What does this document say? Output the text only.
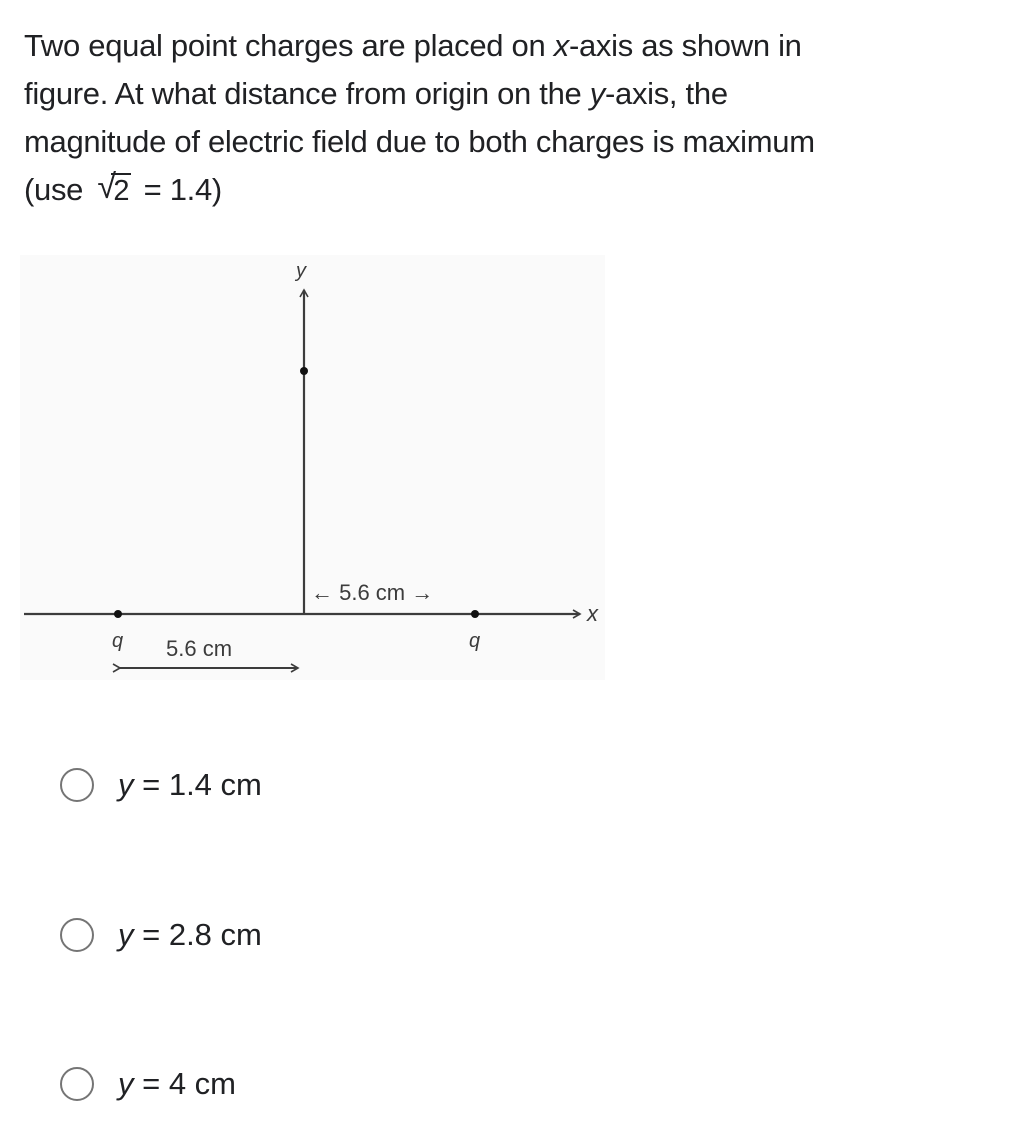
Two equal point charges are placed on x-axis as shown in
figure. At what distance from origin on the y-axis, the
magnitude of electric field due to both charges is maximum
(use √
2 = 1.4)
y
x
q	q
5.6 cm
← 5.6 cm →
y = 1.4 cm
y = 2.8 cm
y = 4 cm
